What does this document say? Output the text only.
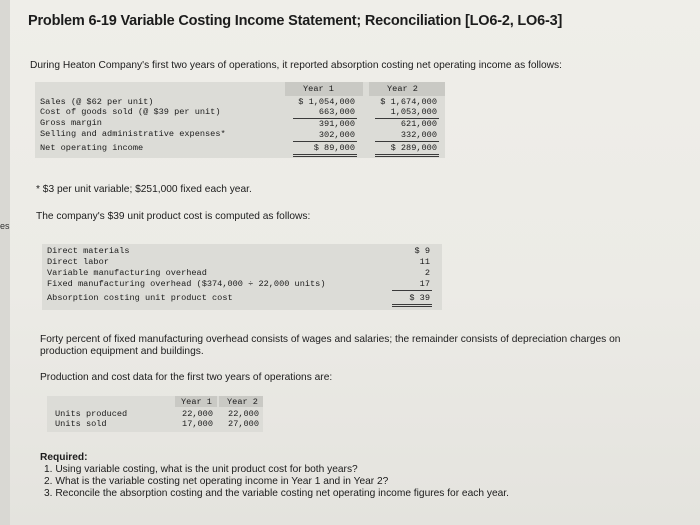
es
Problem 6-19 Variable Costing Income Statement; Reconciliation [LO6-2, LO6-3]
During Heaton Company's first two years of operations, it reported absorption costing net operating income as follows:
Year 1	Year 2
Sales (@ $62 per unit)	$ 1,054,000	$ 1,674,000
Cost of goods sold (@ $39 per unit)	663,000	1,053,000
Gross margin	391,000	621,000
Selling and administrative expenses*	302,000	332,000
Net operating income	$ 89,000	$ 289,000
* $3 per unit variable; $251,000 fixed each year.
The company's $39 unit product cost is computed as follows:
Direct materials	$ 9
Direct labor	11
Variable manufacturing overhead	2
Fixed manufacturing overhead ($374,000 ÷ 22,000 units)	17
Absorption costing unit product cost	$ 39
Forty percent of fixed manufacturing overhead consists of wages and salaries; the remainder consists of depreciation charges on
production equipment and buildings.
Production and cost data for the first two years of operations are:
Year 1 Year 2
Units produced	22,000	22,000
Units sold	17,000	27,000
Required:
1. Using variable costing, what is the unit product cost for both years?
2. What is the variable costing net operating income in Year 1 and in Year 2?
3. Reconcile the absorption costing and the variable costing net operating income figures for each year.
